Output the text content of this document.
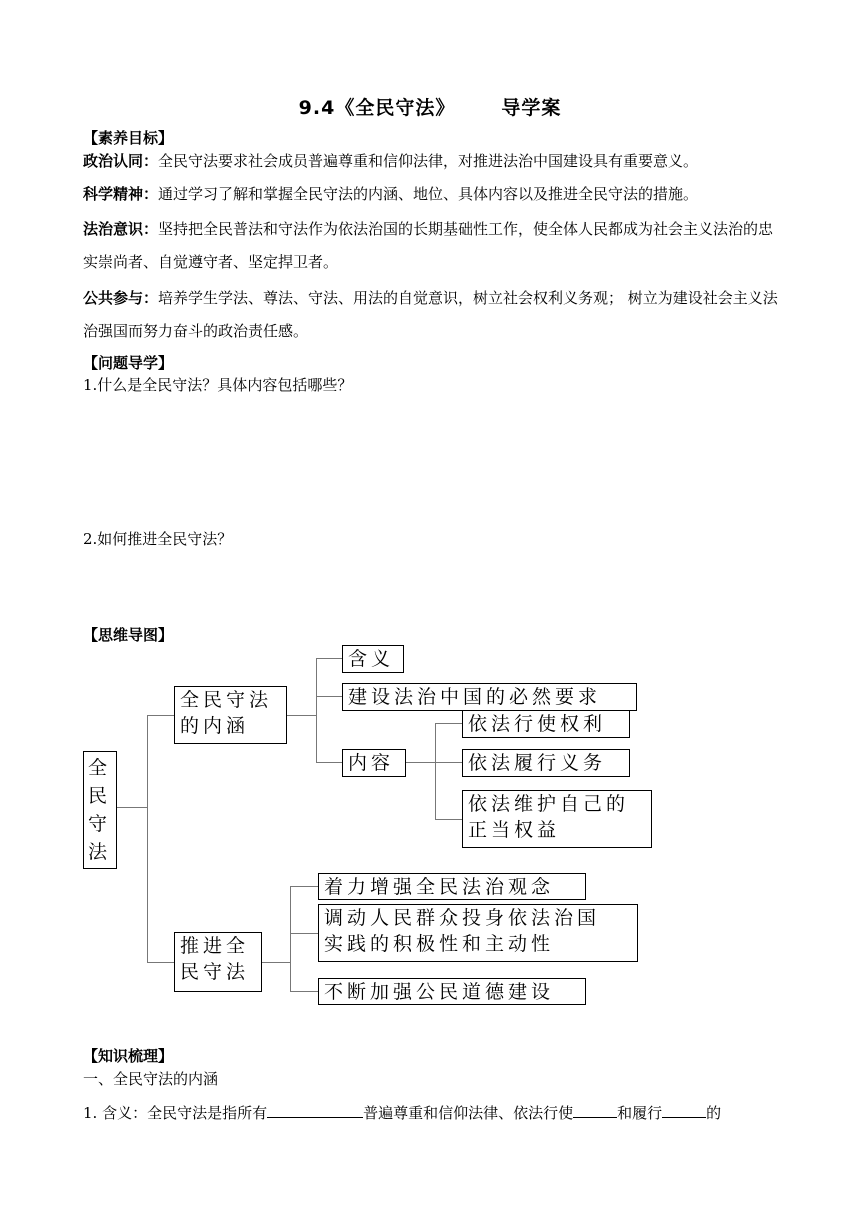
9.4《全民守法》 导学案
【素养目标】
政治认同：全民守法要求社会成员普遍尊重和信仰法律，对推进法治中国建设具有重要意义。
科学精神：通过学习了解和掌握全民守法的内涵、地位、具体内容以及推进全民守法的措施。
法治意识：坚持把全民普法和守法作为依法治国的长期基础性工作，使全体人民都成为社会主义法治的忠实崇尚者、自觉遵守者、坚定捍卫者。
公共参与：培养学生学法、尊法、守法、用法的自觉意识，树立社会权利义务观； 树立为建设社会主义法治强国而努力奋斗的政治责任感。
【问题导学】
1.什么是全民守法？具体内容包括哪些？
2.如何推进全民守法？
【思维导图】
全民守法
全民守法
的内涵
含义
建设法治中国的必然要求
内容
依法行使权利
依法履行义务
依法维护自己的
正当权益
推进全
民守法
着力增强全民法治观念
调动人民群众投身依法治国
实践的积极性和主动性
不断加强公民道德建设
【知识梳理】
一、全民守法的内涵
1. 含义：全民守法是指所有	普遍尊重和信仰法律、依法行使	和履行	的
